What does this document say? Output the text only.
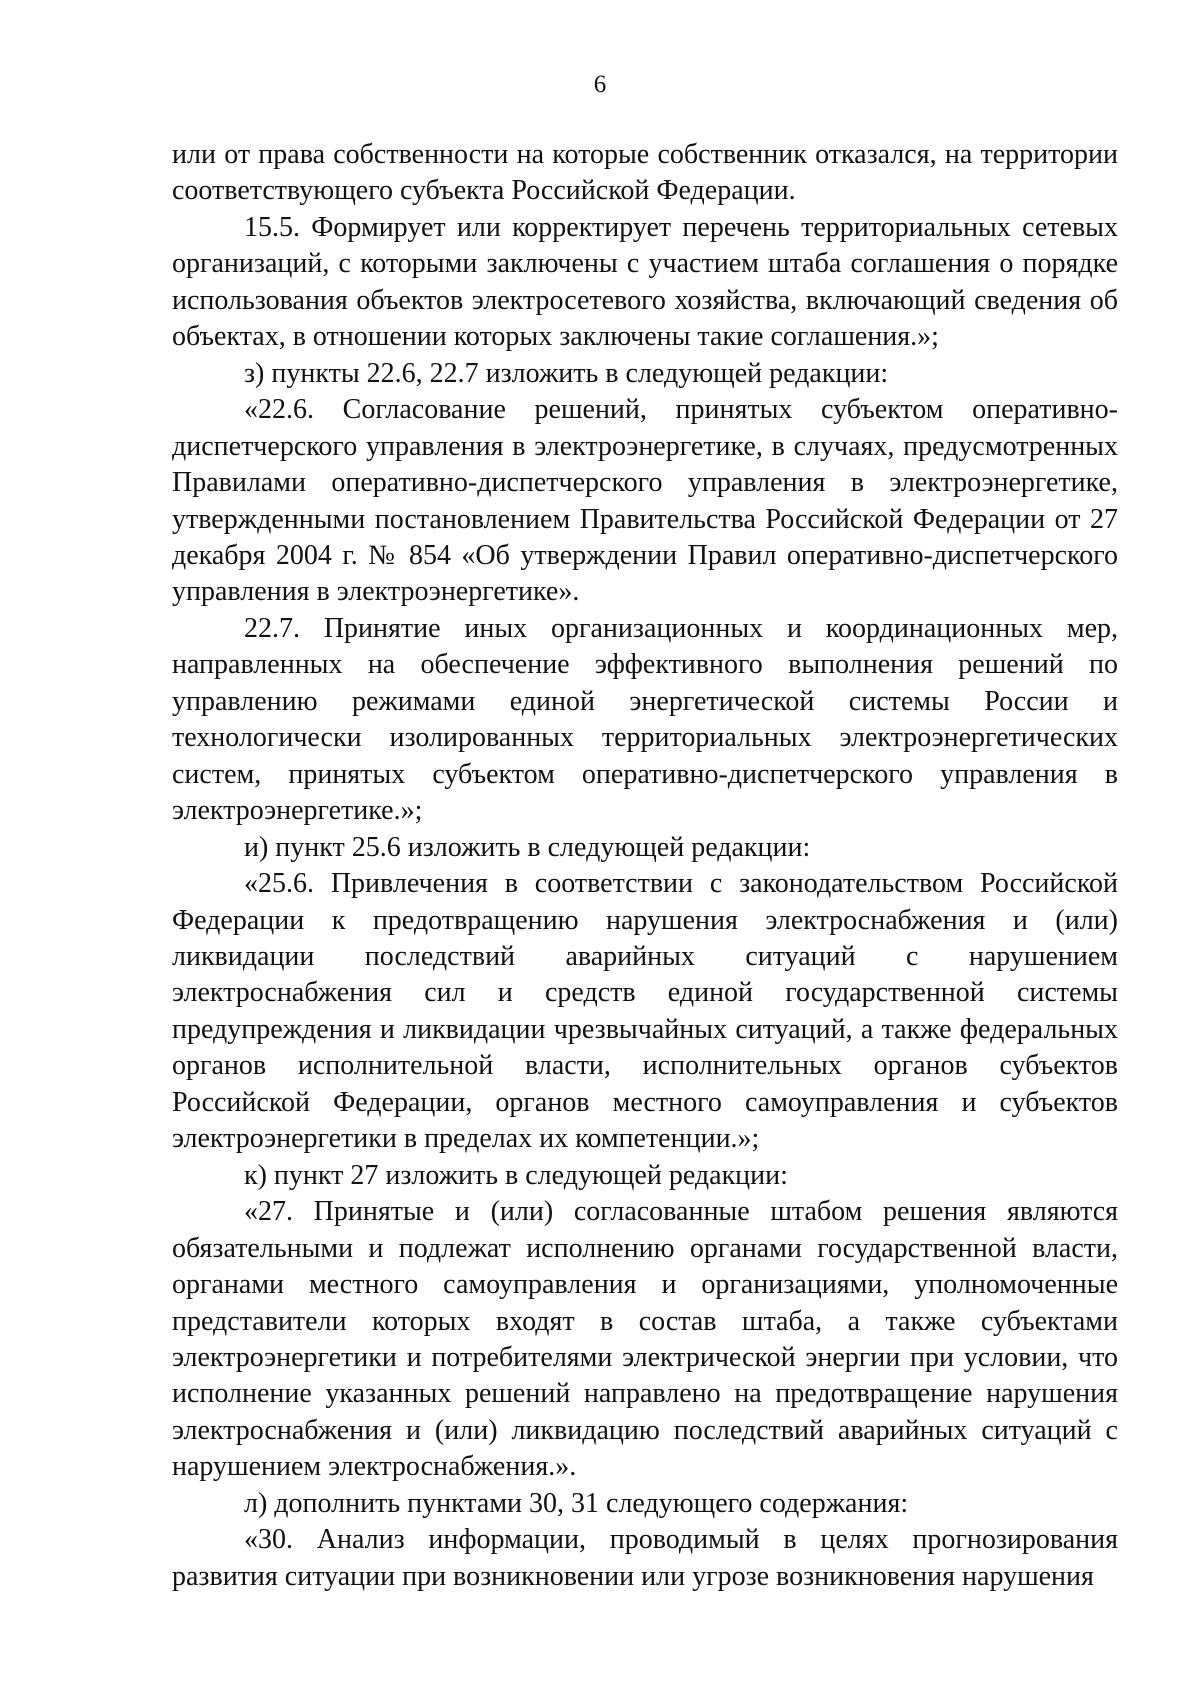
6

или от права собственности на которые собственник отказался, на территории соответствующего субъекта Российской Федерации.

15.5. Формирует или корректирует перечень территориальных сетевых организаций, с которыми заключены с участием штаба соглашения о порядке использования объектов электросетевого хозяйства, включающий сведения об объектах, в отношении которых заключены такие соглашения.»;

з) пункты 22.6, 22.7 изложить в следующей редакции:

«22.6. Согласование решений, принятых субъектом оперативно-диспетчерского управления в электроэнергетике, в случаях, предусмотренных Правилами оперативно-диспетчерского управления в электроэнергетике, утвержденными постановлением Правительства Российской Федерации от 27 декабря 2004 г. № 854 «Об утверждении Правил оперативно-диспетчерского управления в электроэнергетике».

22.7. Принятие иных организационных и координационных мер, направленных на обеспечение эффективного выполнения решений по управлению режимами единой энергетической системы России и технологически изолированных территориальных электроэнергетических систем, принятых субъектом оперативно-диспетчерского управления в электроэнергетике.»;

и) пункт 25.6 изложить в следующей редакции:

«25.6. Привлечения в соответствии с законодательством Российской Федерации к предотвращению нарушения электроснабжения и (или) ликвидации последствий аварийных ситуаций с нарушением электроснабжения сил и средств единой государственной системы предупреждения и ликвидации чрезвычайных ситуаций, а также федеральных органов исполнительной власти, исполнительных органов субъектов Российской Федерации, органов местного самоуправления и субъектов электроэнергетики в пределах их компетенции.»;

к) пункт 27 изложить в следующей редакции:

«27. Принятые и (или) согласованные штабом решения являются обязательными и подлежат исполнению органами государственной власти, органами местного самоуправления и организациями, уполномоченные представители которых входят в состав штаба, а также субъектами электроэнергетики и потребителями электрической энергии при условии, что исполнение указанных решений направлено на предотвращение нарушения электроснабжения и (или) ликвидацию последствий аварийных ситуаций с нарушением электроснабжения.».

л) дополнить пунктами 30, 31 следующего содержания:

«30. Анализ информации, проводимый в целях прогнозирования развития ситуации при возникновении или угрозе возникновения нарушения
